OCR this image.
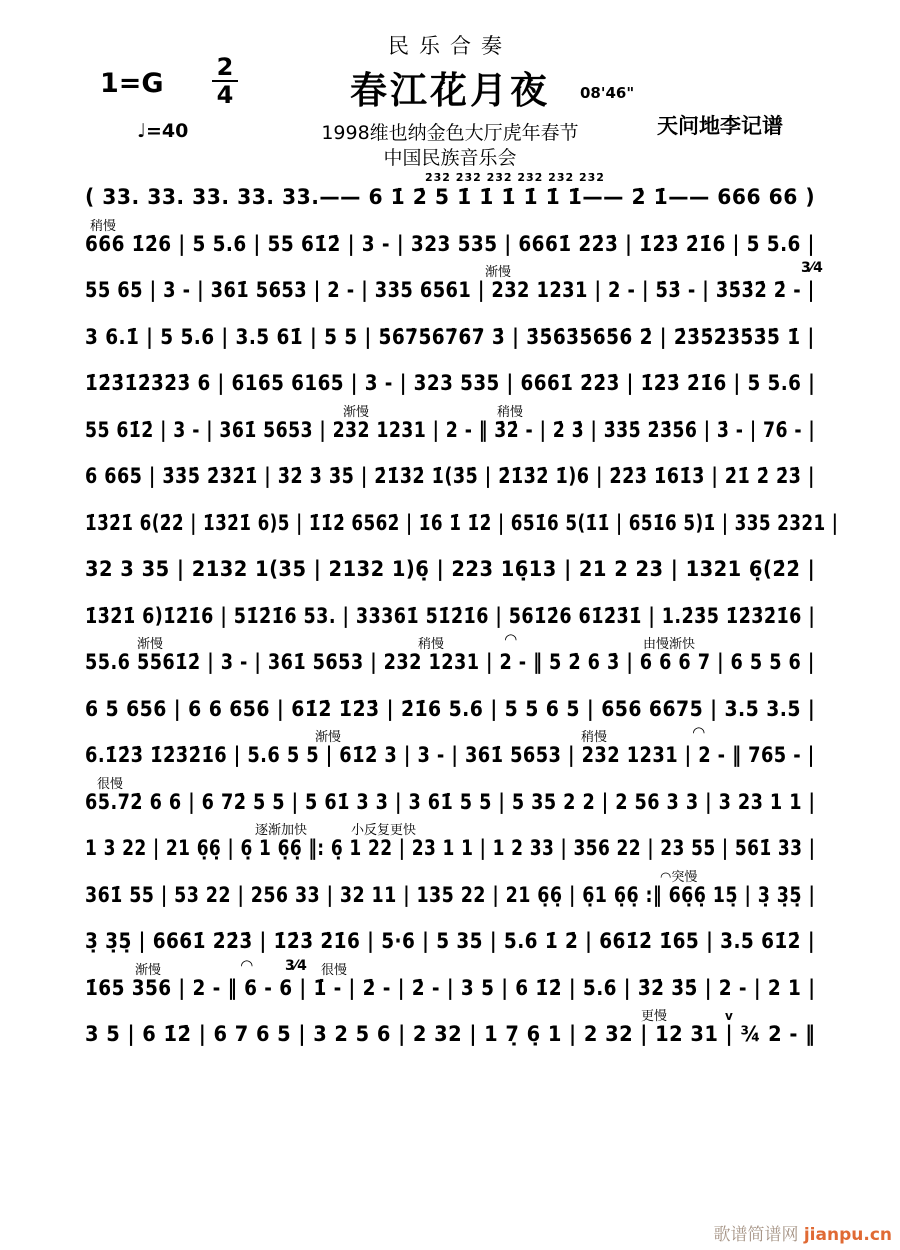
民乐合奏
春江花月夜	08'46"
$1=G \frac{2}{4}$
♩=40	1998维也纳金色大厅虎年春节
中国民族音乐会
天问地李记谱
2̇3̇2̇ 2̇3̇2̇ 2̇3̇2̇ 2̇3̇2̇ 2̇3̇2̇ 2̇3̇2̇
( 33. 33. 33. 33. 33.—— 6 1̇ 2̇ 5 1̇ 1̇ 1̇ 1̇ 1̇ 1̇—— 2̇ 1̇—— 666 66 )
稍慢
666 1̇2̇6 | 5 5.6 | 55 61̇2̇ | 3 - | 323 535 | 6661̇ 2̇2̇3̇ | 1̇2̇3̇ 2̇1̇6 | 5 5.6 |
3⁄4
渐慢
55 65 | 3 - | 361̇ 5653 | 2 - | 335 6561 | 232 1231 | 2 - | 5̇3̇ - | 3̇5̇3̇2̇ 2̇ - |
3 6.1̇ | 5 5.6 | 3.5 61̇ | 5 5 | 5̇6̇7̇5̇6̇7̇6̇7̇ 3̇ | 3̇5̇6̇3̇5̇6̇5̇6̇ 2̇ | 2̇3̇5̇2̇3̇5̇3̇5̇ 1̇ |
1̇2̇3̇1̇2̇3̇2̇3̇ 6 | 6165 6165 | 3 - | 323 535 | 6661̇ 2̇2̇3̇ | 1̇2̇3̇ 2̇1̇6 | 5 5.6 |
稍慢
渐慢
55 61̇2̇ | 3 - | 361̇ 5653 | 232 1231 | 2 - ‖ 3̇2̇ - | 2̇ 3̇ | 3̇3̇5̇ 2̇3̇5̇6̇ | 3̇ - | 76̇ - |
6 665 | 3̇3̇5̇ 2̇3̇2̇1̇ | 3̇2̇ 3̇ 3̇5̇ | 2̇1̇3̇2̇ 1̇(3̇5̇ | 2̇1̇3̇2̇ 1̇)6 | 2̇2̇3̇ 1̇61̇3̇ | 2̇1̇ 2̇ 2̇3̇ |
1̇3̇2̇1̇ 6(2̇2̇ | 1̇3̇2̇1̇ 6)5 | 1̇1̇2̇ 6562̇ | 1̇6 1̇ 1̇2̇ | 651̇6 5(1̇1̇ | 651̇6 5)1̇ | 335 2321 |
32 3 35 | 2132 1(35 | 2132 1)6̣ | 223 16̣13 | 21 2 23 | 1321 6̣(2̇2̇ |
1̇3̇2̇1̇ 6)1̇2̇1̇6 | 51̇2̇1̇6 53. | 33361̇ 51̇2̇1̇6 | 561̇2̇6 61̇2̇3̇1̇ | 1.2̇3̇5 1̇2̇3̇2̇1̇6 |
由慢渐快
◠
稍慢
渐慢
55.6 5561̇2̇ | 3 - | 361̇ 5653 | 232 1231 | 2 - ‖ 5 2̇ 6 3̇ | 6 6 6 7 | 6 5 5 6 |
6 5 656 | 6 6 656 | 61̇2̇ 1̇2̇3̇ | 2̇1̇6 5.6 | 5 5 6 5 | 656 6675 | 3.5 3.5 |
◠
稍慢
渐慢
6.1̇2̇3̇ 1̇2̇3̇2̇1̇6 | 5.6 5 5 | 61̇2̇ 3 | 3 - | 361̇ 5653 | 232 1231 | 2 - ‖ 765 - |
很慢
65.72̇ 6 6 | 6 72̇ 5 5 | 5 61̇ 3 3 | 3 61̇ 5 5 | 5 35 2 2 | 2 56 3 3 | 3 23 1 1 |
小反复更快
逐渐加快
1 3 22 | 21 6̣6̣ | 6̣ 1 6̣6̣ ‖: 6̣ 1 22 | 23 1 1 | 1 2 33 | 356 22 | 23 55 | 561̇ 33 |
◠突慢
361̇ 55 | 53 22 | 256 33 | 32 11 | 135 22 | 21 6̣6̣ | 6̣1 6̣6̣ :‖ 66̣6̣ 15̣ | 3̣ 3̣5̣ |
3̣ 3̣5̣ | 6661̇ 2̇2̇3̇ | 1̇2̇3̇ 2̇1̇6 | 5·6 | 5 35 | 5.6 1̇ 2̇ | 661̇2̇ 1̇65 | 3.5 61̇2̇ |
很慢
3⁄4
◠
渐慢
1̇65 356 | 2 - ‖ 6 - 6 | 1̇ - | 2̇ - | 2̇ - | 3 5 | 6 1̇2̇ | 5.6 | 3̇2̇ 3̇5̇ | 2 - | 2 1 |
v
更慢
3 5 | 6 1̇2̇ | 6 7 6 5 | 3 2 5 6 | 2 32 | 1 7̣ 6̣ 1 | 2 32 | 12 31 | ¾ 2 - ‖
歌谱简谱网 jianpu.cn
